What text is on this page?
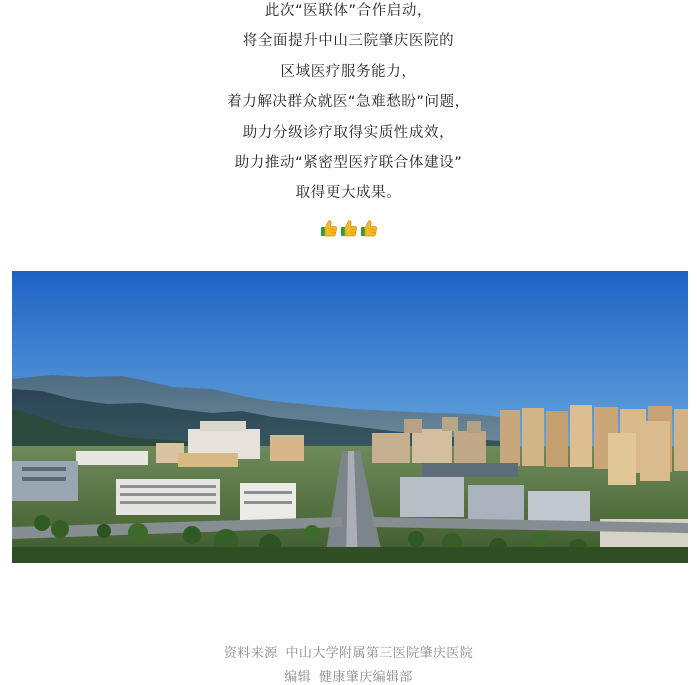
此次“医联体”合作启动，
将全面提升中山三院肇庆医院的
区域医疗服务能力，
着力解决群众就医“急难愁盼”问题，
助力分级诊疗取得实质性成效，
助力推动“紧密型医疗联合体建设”
取得更大成果。
资料来源 中山大学附属第三医院肇庆医院
编辑 健康肇庆编辑部
